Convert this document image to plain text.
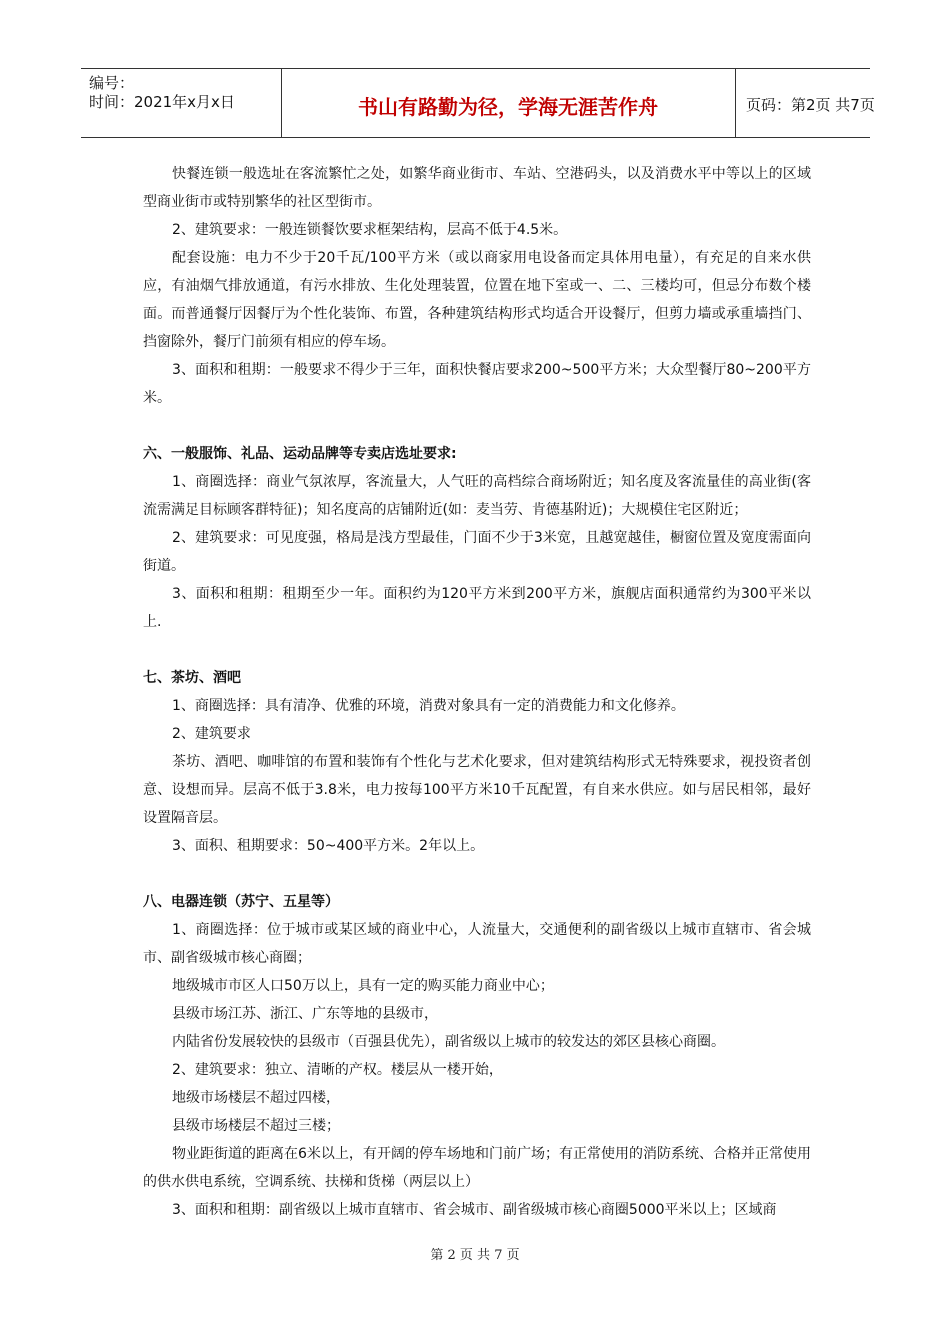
编号：
时间：2021年x月x日	书山有路勤为径，学海无涯苦作舟	页码：第2页 共7页

快餐连锁一般选址在客流繁忙之处，如繁华商业街市、车站、空港码头，以及消费水平中等以上的区域型商业街市或特别繁华的社区型街市。

2、建筑要求：一般连锁餐饮要求框架结构，层高不低于4.5米。

配套设施：电力不少于20千瓦/100平方米（或以商家用电设备而定具体用电量），有充足的自来水供应，有油烟气排放通道，有污水排放、生化处理装置，位置在地下室或一、二、三楼均可，但忌分布数个楼面。而普通餐厅因餐厅为个性化装饰、布置，各种建筑结构形式均适合开设餐厅，但剪力墙或承重墙挡门、挡窗除外，餐厅门前须有相应的停车场。

3、面积和租期：一般要求不得少于三年，面积快餐店要求200~500平方米；大众型餐厅80~200平方米。

六、一般服饰、礼品、运动品牌等专卖店选址要求:

1、商圈选择：商业气氛浓厚，客流量大，人气旺的高档综合商场附近；知名度及客流量佳的高业街(客流需满足目标顾客群特征)；知名度高的店铺附近(如：麦当劳、肯德基附近)；大规模住宅区附近；

2、建筑要求：可见度强，格局是浅方型最佳，门面不少于3米宽，且越宽越佳，橱窗位置及宽度需面向街道。

3、面积和租期：租期至少一年。面积约为120平方米到200平方米，旗舰店面积通常约为300平米以上.

七、茶坊、酒吧

1、商圈选择：具有清净、优雅的环境，消费对象具有一定的消费能力和文化修养。

2、建筑要求

茶坊、酒吧、咖啡馆的布置和装饰有个性化与艺术化要求，但对建筑结构形式无特殊要求，视投资者创意、设想而异。层高不低于3.8米，电力按每100平方米10千瓦配置，有自来水供应。如与居民相邻，最好设置隔音层。

3、面积、租期要求：50~400平方米。2年以上。

八、电器连锁（苏宁、五星等）

1、商圈选择：位于城市或某区域的商业中心，人流量大，交通便利的副省级以上城市直辖市、省会城市、副省级城市核心商圈；

地级城市市区人口50万以上，具有一定的购买能力商业中心；

县级市场江苏、浙江、广东等地的县级市，

内陆省份发展较快的县级市（百强县优先），副省级以上城市的较发达的郊区县核心商圈。

2、建筑要求：独立、清晰的产权。楼层从一楼开始，

地级市场楼层不超过四楼，

县级市场楼层不超过三楼；

物业距街道的距离在6米以上，有开阔的停车场地和门前广场；有正常使用的消防系统、合格并正常使用的供水供电系统，空调系统、扶梯和货梯（两层以上）

3、面积和租期：副省级以上城市直辖市、省会城市、副省级城市核心商圈5000平米以上；区域商

第 2 页 共 7 页
